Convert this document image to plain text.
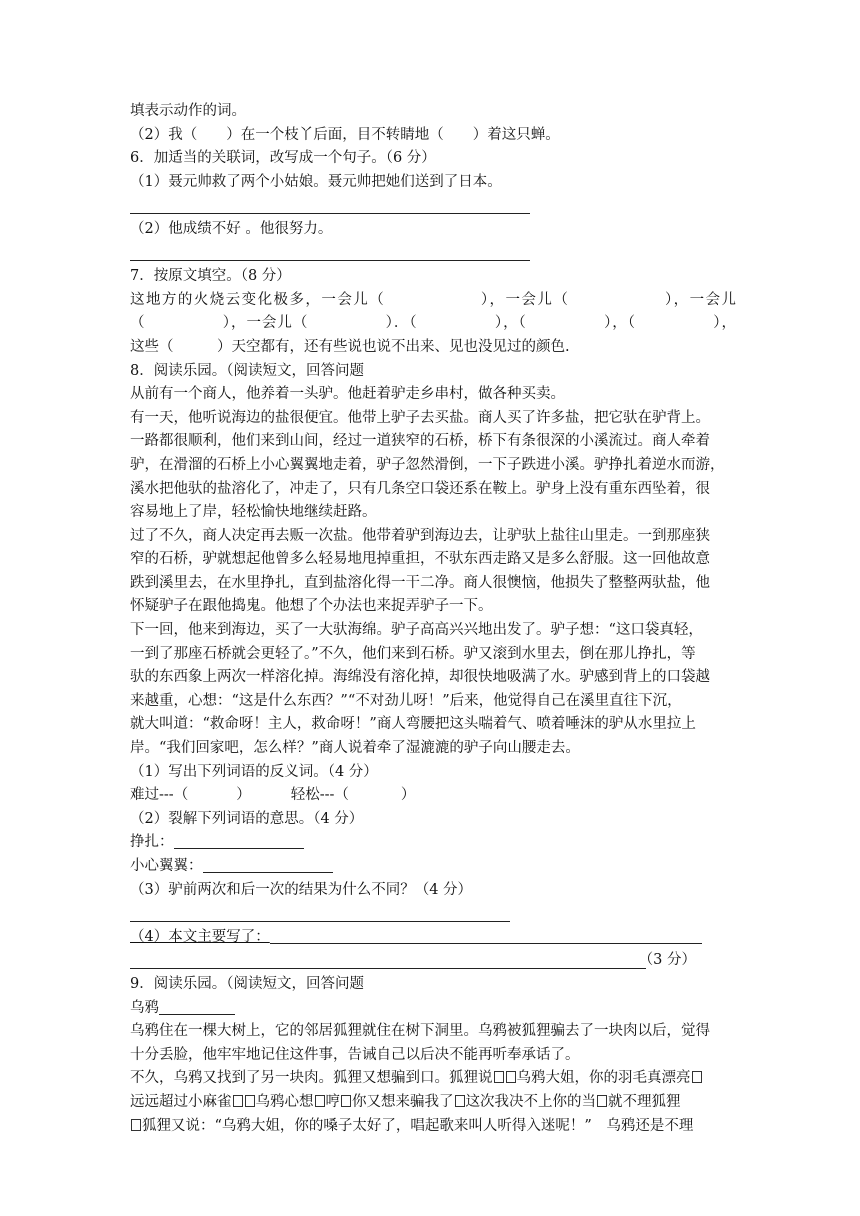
填表示动作的词。
（2）我（　　）在一个枝丫后面，目不转睛地（　　）着这只蝉。
6．加适当的关联词，改写成一个句子。（6 分）
（1）聂元帅救了两个小姑娘。聂元帅把她们送到了日本。
（2）他成绩不好 。他很努力。
7．按原文填空。（8 分）
这地方的火烧云变化极多，一会儿（　　　　　　），一会儿（　　　　　　），一会儿
（　　　　　），一会儿（　　　　　）．（　　　　　），（　　　　　），（　　　　　），
这些（　　　）天空都有，还有些说也说不出来、见也没见过的颜色.
8．阅读乐园。（阅读短文，回答问题
从前有一个商人，他养着一头驴。他赶着驴走乡串村，做各种买卖。
有一天，他听说海边的盐很便宜。他带上驴子去买盐。商人买了许多盐，把它驮在驴背上。
一路都很顺利，他们来到山间，经过一道狭窄的石桥，桥下有条很深的小溪流过。商人牵着
驴，在滑溜的石桥上小心翼翼地走着，驴子忽然滑倒，一下子跌进小溪。驴挣扎着逆水而游，
溪水把他驮的盐溶化了，冲走了，只有几条空口袋还系在鞍上。驴身上没有重东西坠着，很
容易地上了岸，轻松愉快地继续赶路。
过了不久，商人决定再去贩一次盐。他带着驴到海边去，让驴驮上盐往山里走。一到那座狭
窄的石桥，驴就想起他曾多么轻易地甩掉重担，不驮东西走路又是多么舒服。这一回他故意
跌到溪里去，在水里挣扎，直到盐溶化得一干二净。商人很懊恼，他损失了整整两驮盐，他
怀疑驴子在跟他捣鬼。他想了个办法也来捉弄驴子一下。
下一回，他来到海边，买了一大驮海绵。驴子高高兴兴地出发了。驴子想：“这口袋真轻，
一到了那座石桥就会更轻了。”不久，他们来到石桥。驴又滚到水里去，倒在那儿挣扎，等
驮的东西象上两次一样溶化掉。海绵没有溶化掉，却很快地吸满了水。驴感到背上的口袋越
来越重，心想：“这是什么东西？”“不对劲儿呀！”后来，他觉得自己在溪里直往下沉，
就大叫道：“救命呀！主人，救命呀！”商人弯腰把这头喘着气、喷着唾沫的驴从水里拉上
岸。“我们回家吧，怎么样？”商人说着牵了湿漉漉的驴子向山腰走去。
（1）写出下列词语的反义词。（4 分）
难过---（	）	轻松---（	）
（2）裂解下列词语的意思。（4 分）
挣扎：
小心翼翼：
（3）驴前两次和后一次的结果为什么不同？（4 分）
（4）本文主要写了：
（3 分）
9．阅读乐园。（阅读短文，回答问题
乌鸦
乌鸦住在一棵大树上，它的邻居狐狸就住在树下洞里。乌鸦被狐狸骗去了一块肉以后，觉得
十分丢脸，他牢牢地记住这件事，告诫自己以后决不能再听奉承话了。
不久，乌鸦又找到了另一块肉。狐狸又想骗到口。狐狸说 乌鸦大姐，你的羽毛真漂亮
远远超过小麻雀 乌鸦心想 哼 你又想来骗我了 这次我决不上你的当 就不理狐狸
狐狸又说：“乌鸦大姐，你的嗓子太好了，唱起歌来叫人听得入迷呢！”　乌鸦还是不理
